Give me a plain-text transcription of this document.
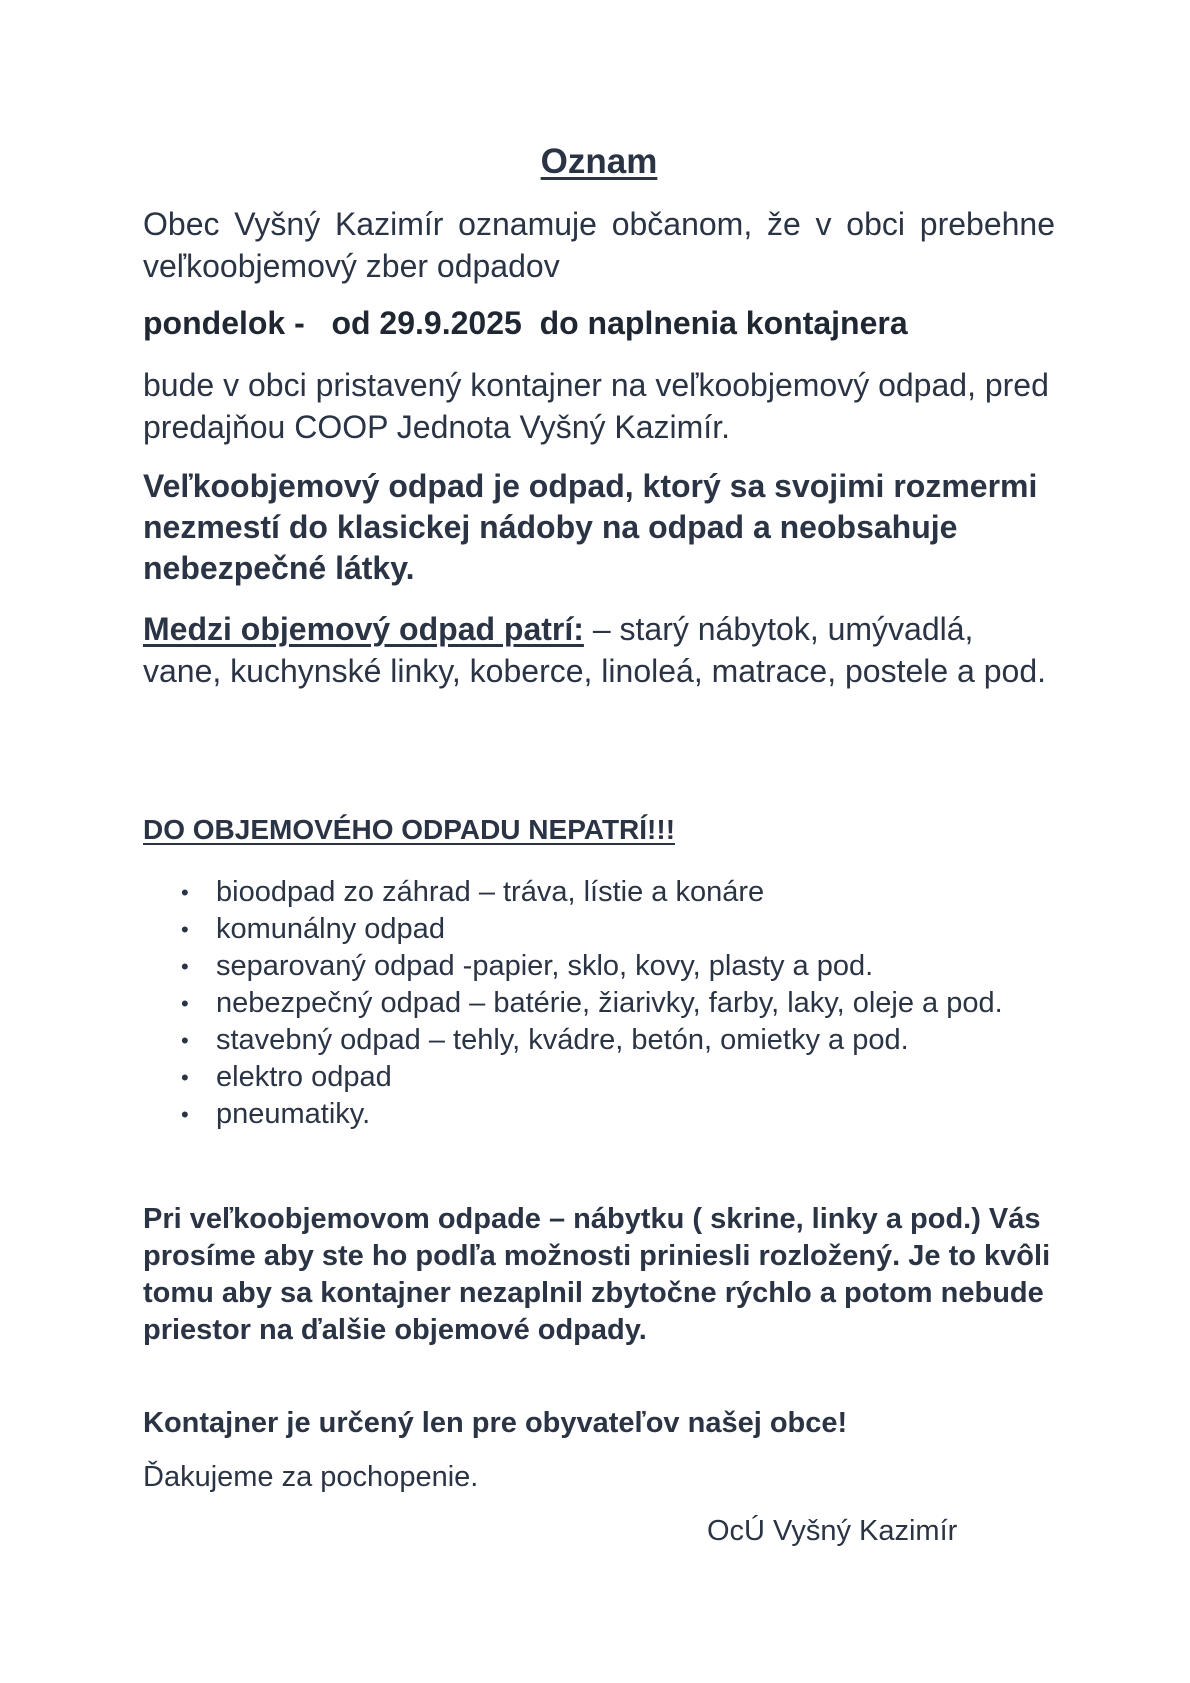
Oznam

Obec Vyšný Kazimír oznamuje občanom, že v obci prebehne veľkoobjemový zber odpadov

pondelok -   od 29.9.2025  do naplnenia kontajnera

bude v obci pristavený kontajner na veľkoobjemový odpad, pred predajňou COOP Jednota Vyšný Kazimír.

Veľkoobjemový odpad je odpad, ktorý sa svojimi rozmermi nezmestí do klasickej nádoby na odpad a neobsahuje nebezpečné látky.

Medzi objemový odpad patrí: – starý nábytok, umývadlá, vane, kuchynské linky, koberce, linoleá, matrace, postele a pod.

DO OBJEMOVÉHO ODPADU NEPATRÍ!!!

• bioodpad zo záhrad – tráva, lístie a konáre
• komunálny odpad
• separovaný odpad -papier, sklo, kovy, plasty a pod.
• nebezpečný odpad – batérie, žiarivky, farby, laky, oleje a pod.
• stavebný odpad – tehly, kvádre, betón, omietky a pod.
• elektro odpad
• pneumatiky.

Pri veľkoobjemovom odpade – nábytku ( skrine, linky a pod.) Vás prosíme aby ste ho podľa možnosti priniesli rozložený. Je to kvôli tomu aby sa kontajner nezaplnil zbytočne rýchlo a potom nebude priestor na ďalšie objemové odpady.

Kontajner je určený len pre obyvateľov našej obce!

Ďakujeme za pochopenie.

OcÚ Vyšný Kazimír
